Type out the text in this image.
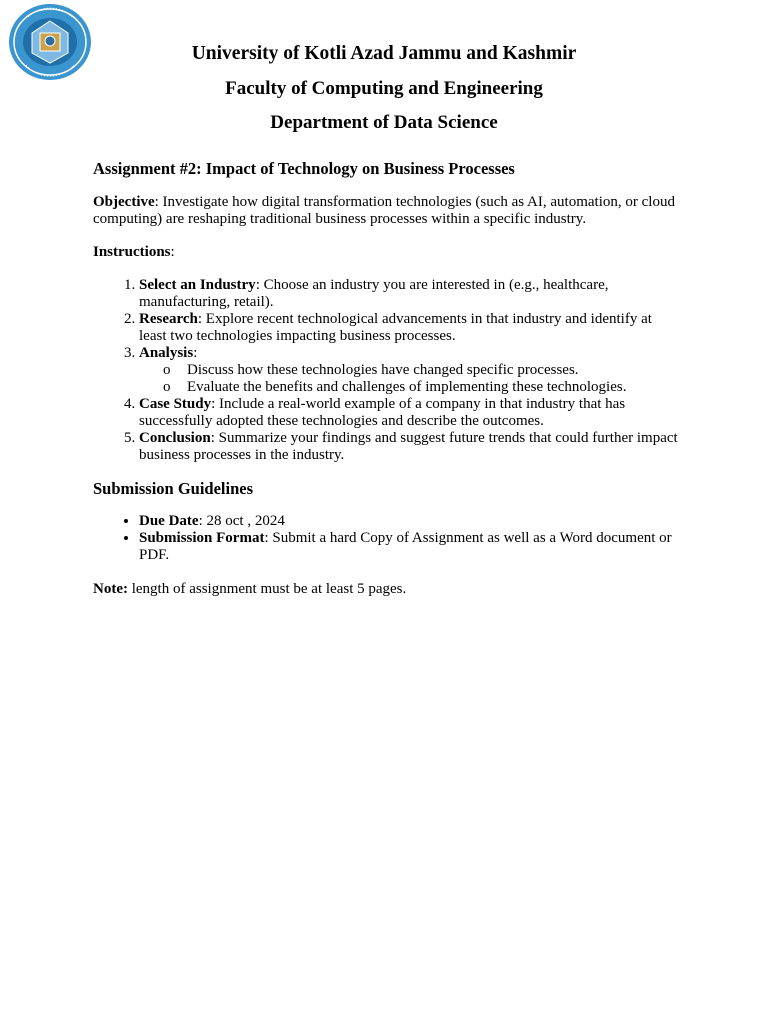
University of Kotli Azad Jammu and Kashmir
Faculty of Computing and Engineering
Department of Data Science
Assignment #2: Impact of Technology on Business Processes

Objective: Investigate how digital transformation technologies (such as AI, automation, or cloud computing) are reshaping traditional business processes within a specific industry.

Instructions:

1. Select an Industry: Choose an industry you are interested in (e.g., healthcare, manufacturing, retail).
2. Research: Explore recent technological advancements in that industry and identify at least two technologies impacting business processes.
3. Analysis:
o Discuss how these technologies have changed specific processes.
o Evaluate the benefits and challenges of implementing these technologies.
4. Case Study: Include a real-world example of a company in that industry that has successfully adopted these technologies and describe the outcomes.
5. Conclusion: Summarize your findings and suggest future trends that could further impact business processes in the industry.
Submission Guidelines
• Due Date: 28 oct , 2024
• Submission Format: Submit a hard Copy of Assignment as well as a Word document or PDF.

Note: length of assignment must be at least 5 pages.
